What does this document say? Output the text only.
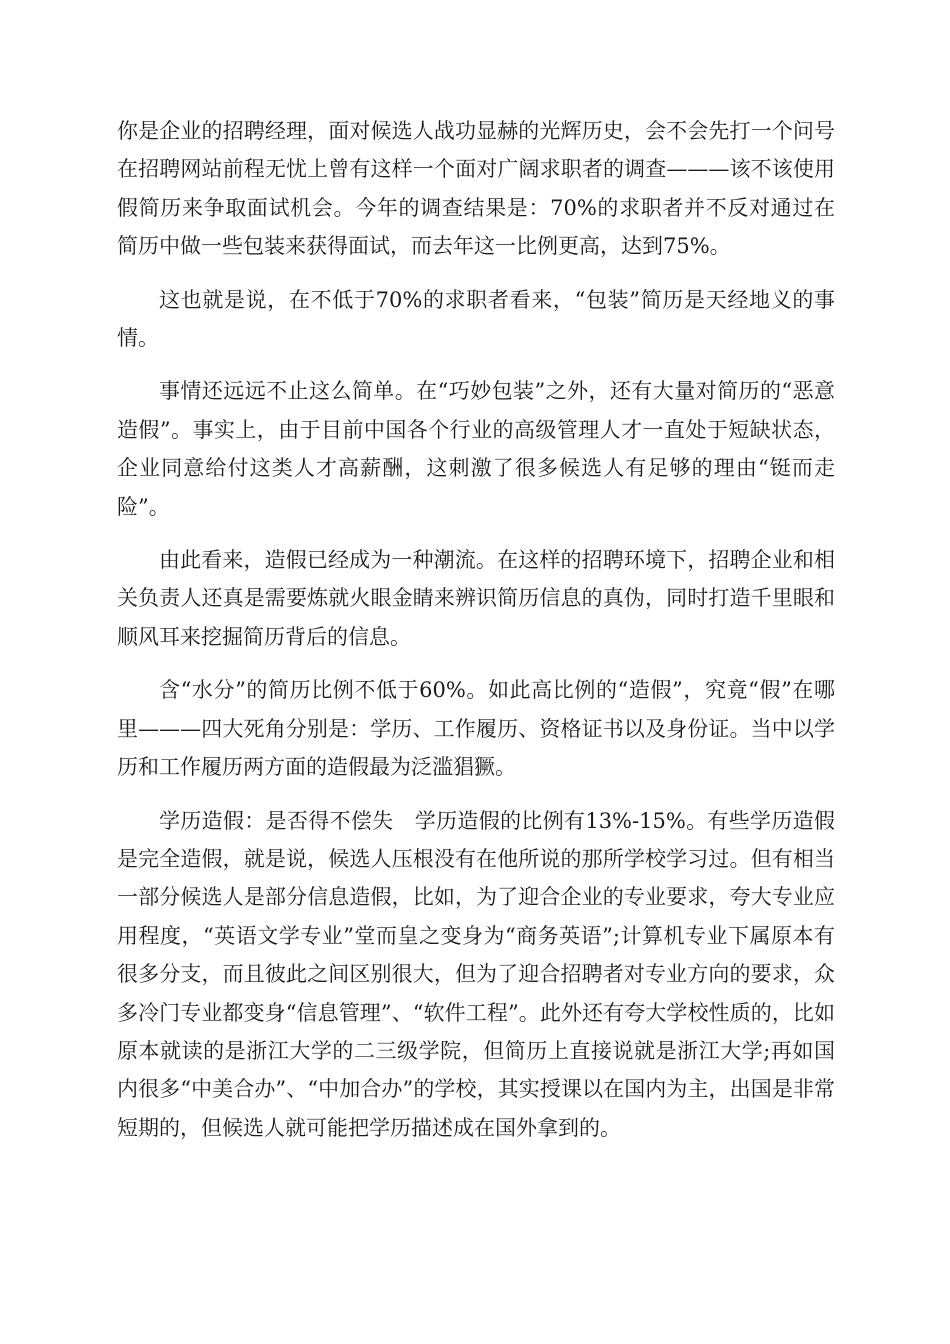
你是企业的招聘经理，面对候选人战功显赫的光辉历史，会不会先打一个问号　在招聘网站前程无忧上曾有这样一个面对广阔求职者的调查———该不该使用假简历来争取面试机会。今年的调查结果是：70%的求职者并不反对通过在简历中做一些包装来获得面试，而去年这一比例更高，达到75%。

这也就是说，在不低于70%的求职者看来，“包装”简历是天经地义的事情。

事情还远远不止这么简单。在“巧妙包装”之外，还有大量对简历的“恶意造假”。事实上，由于目前中国各个行业的高级管理人才一直处于短缺状态，企业同意给付这类人才高薪酬，这刺激了很多候选人有足够的理由“铤而走险”。

由此看来，造假已经成为一种潮流。在这样的招聘环境下，招聘企业和相关负责人还真是需要炼就火眼金睛来辨识简历信息的真伪，同时打造千里眼和顺风耳来挖掘简历背后的信息。

含“水分”的简历比例不低于60%。如此高比例的“造假”，究竟“假”在哪里———四大死角分别是：学历、工作履历、资格证书以及身份证。当中以学历和工作履历两方面的造假最为泛滥猖獗。

学历造假：是否得不偿失　学历造假的比例有13%-15%。有些学历造假是完全造假，就是说，候选人压根没有在他所说的那所学校学习过。但有相当一部分候选人是部分信息造假，比如，为了迎合企业的专业要求，夸大专业应用程度，“英语文学专业”堂而皇之变身为“商务英语”;计算机专业下属原本有很多分支，而且彼此之间区别很大，但为了迎合招聘者对专业方向的要求，众多冷门专业都变身“信息管理”、“软件工程”。此外还有夸大学校性质的，比如原本就读的是浙江大学的二三级学院，但简历上直接说就是浙江大学;再如国内很多“中美合办”、“中加合办”的学校，其实授课以在国内为主，出国是非常短期的，但候选人就可能把学历描述成在国外拿到的。
